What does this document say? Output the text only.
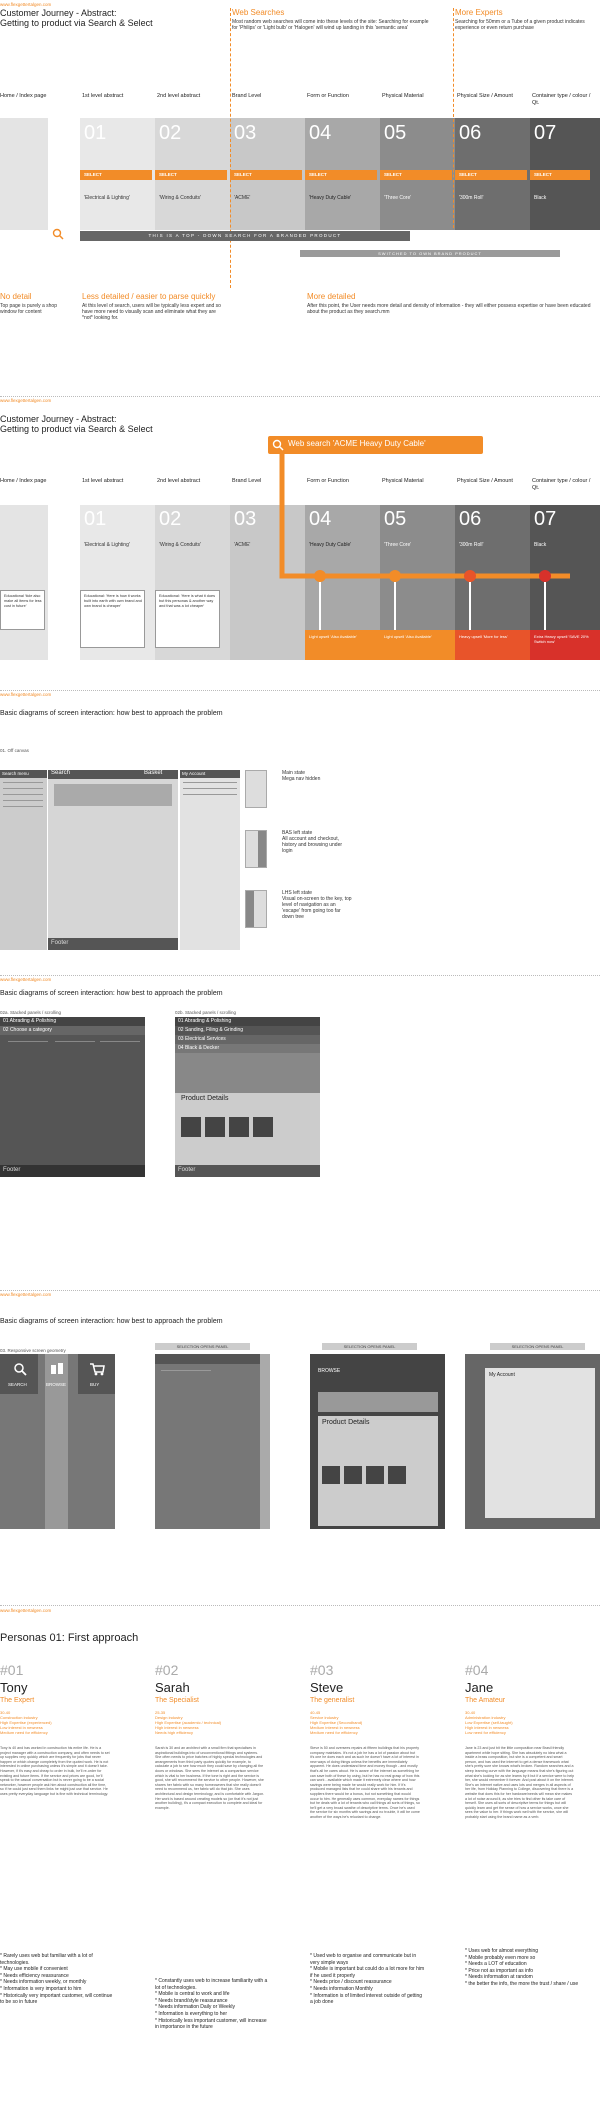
www.flexgettertalgen.com
Customer Journey - Abstract:
Getting to product via Search & Select
Web Searches
Most random web searches will come into these levels of the site: Searching for example for 'Philips' or 'Light bulb' or 'Halogen' will wind up landing in this 'semantic area'
More Experts
Searching for 50mm or a Tube of a given product indicates experience or even return purchase
Home / Index page	1st level abstract	2nd level abstract	Brand Level	Form or Function	Physical Material	Physical Size / Amount	Container type / colour / Qt.
01	02	03	04	05	06	07
SELECT	SELECT	SELECT	SELECT	SELECT	SELECT	SELECT
'Electrical & Lighting'	'Wiring & Conduits'	'ACME'	'Heavy Duty Cable'	'Three Core'	'300m Roll'	Black
THIS IS A TOP - DOWN SEARCH FOR A BRANDED PRODUCT
SWITCHED TO OWN BRAND PRODUCT
No detail
Top page is purely a shop window for content
Less detailed / easier to parse quickly
At this level of search, users will be typically less expert and so have more need to visually scan and eliminate what they are *not* looking for.
More detailed
After this point, the User needs more detail and density of information - they will either possess expertise or have been educated about the product as they search.mm
www.flexgettertalgen.com
Customer Journey - Abstract:
Getting to product via Search & Select
Web search 'ACME Heavy Duty Cable'
Home / Index page	1st level abstract	2nd level abstract	Brand Level	Form or Function	Physical Material	Physical Size / Amount	Container type / colour / Qt.
01	02	03	04	05	06	07
'Electrical & Lighting'	'Wiring & Conduits'	'ACME'	'Heavy Duty Cable'	'Three Core'	'300m Roll'	Black
Educational 'ticle also make all items for less cost in future'
Educational: 'Here is how it works built into earth with own brand and own brand is cheaper'
Educational: 'Here is what it does but this personas & another way and that was a lot cheaper'
Light upsell 'Also Available'	Light upsell 'Also Available'	Heavy upsell 'More for less'	Extra Heavy upsell 'SAVE 20% Switch now'
www.flexgettertalgen.com
Basic diagrams of screen interaction: how best to approach the problem
01. Off canvas
Search menu	Search	Basket
Footer
My Account	Main state
Mega nav hidden
BAS left state
All account and checkout, history and browsing under login
LHS left state
Visual on-screen to the key, top level of navigation as an 'escape' from going too far down tree
www.flexgettertalgen.com
Basic diagrams of screen interaction: how best to approach the problem
02a. Stacked panels / scrolling	02b. Stacked panels / scrolling
01 Abrading & Polishing
02 Choose a category
Footer
01 Abrading & Polishing
02 Sanding, Filing & Grinding
03 Electrical Services
04 Black & Decker
Product Details
Footer
www.flexgettertalgen.com
Basic diagrams of screen interaction: how best to approach the problem
03. Responsive screen geometry
SEARCH	BROWSE	BUY
SELECTION OPENS PANEL	SELECTION OPENS PANEL
BROWSE
Product Details
SELECTION OPENS PANEL
My Account
www.flexgettertalgen.com
Personas 01: First approach
#01
Tony
The Expert
30-40
Construction industry
High Expertise (experienced)
Low interest in newness
Medium need for efficiency
Tony is 40 and has worked in construction his entire life. He is a project manager with a construction company, and often needs to set up supplies very quickly which are frequently for jobs that never happen or which change completely from the quoted work. He is not interested in online purchasing unless it's simple and it doesn't take. However, if it's easy and cheap to order in bulk, he'll re-order for existing and future items. If the service and prices are good, he'll speak to the casual conversation but is never going to be a social networker, however people ask him about construction all the time, so if he could just send them links he might just use that service. He uses pretty everyday language but is fine with technical terminology.
* Rarely uses web but familiar with a lot of technologies.
* May use mobile if convenient
* Needs efficiency reassurance
* Needs information weekly, or monthly
* Information is very important to him
* Historically very important customer, will continue to be so in future
#02
Sarah
The Specialist
25-35
Design industry
High Expertise (academic / technical)
High interest in newness
Needs high efficiency
Sarah is 30 and an architect with a small firm that specialises in aspirational buildings into of unconventional fittings and systems. She often needs to price batches of highly special technologies and arrangements from third party quotes quickly for example, to calculate a job to see how much they could save by changing all the doors or windows. She sees the internet as a comparison service which is vital to her business. If the tone is right and the service is good, she will recommend the service to other people. However, she shares her fabric with so many homeowners that she really doesn't need to recommend us, her fabric will do that job. She uses architectural and design terminology, and is comfortable with Jargon. Her work is based around creating models so (on that it's not just another building), it's a compact execution to complete and ideal for example.
* Constantly uses web to increase familiarity with a lot of technologies.
* Mobile is central to work and life
* Needs brand/style reassurance
* Needs information Daily or Weekly
* Information is everything to her
* Historically less important customer, will increase in importance in the future
#03
Steve
The generalist
40-45
Service industry
High Expertise (Secondhand)
Medium interest in newness
Medium need for efficiency
Steve is 50 and oversees repairs at fifteen buildings that his property company maintains. It's not a job he has a lot of passion about but it's one he does each and as such he doesn't have a lot of interest in new ways of doing things unless the benefits are immediately apparent. He does understand time and money though - and mostly that's all he cares about. He is aware of the internet as something he can save both of these by using, but he has no real grasp of how this can work - available which made it extremely clear where and how savings were being made he would really work for him. If it's produced managed lists that he could share with his tenants and suppliers there would be a bonus, but not something that would occur to him. He generally uses common, everyday names for things but he deals with a lot of tenants who call things all sorts of things, so he'll get a very broad swathe of descriptive terms. Once he's used the service for six months with savings and no trouble, it will be come another of the ways he's reluctant to change.
* Used web to organise and communicate but in very simple ways
* Mobile is important but could do a lot more for him if he used it properly
* Needs price / discount reassurance
* Needs information Monthly
* Information is of limited interest outside of getting a job done
#04
Jane
The Amateur
30-40
Administration industry
Low Expertise (self-taught)
High interest in newness
Low need for efficiency
Jane is 23 and just bit the little composition near Brasil friendly apartment while hope sitting. She has absolutely no idea what a inside a brass composition, but she is a competent and smart person, and has used the internet to get a dense framework what she's pretty sure she knows what's broken. Random searches and a steep learning curve with the language means that she's figuring out what she's looking for as she learns by it but if a service were to help her, she would remember it forever. And post about it on the internet. She's an Internet native and uses lots and merges in all aspects of her life, from Holiday Planning to College, discovering that there is a website that does this for her hardware/needs will mean she makes a lot of noise around it, as she tries to find other its take care of herself. She uses all sorts of descriptive terms for things but will quickly learn and get the sense of how a service works, once she sees the value to her. If things work well with the service, she will probably start using the brand name as a verb.
* Uses web for almost everything
* Mobile probably even more so
* Needs a LOT of education
* Price not as important as info
* Needs information at random
* the better the info, the more the trust / share / use
